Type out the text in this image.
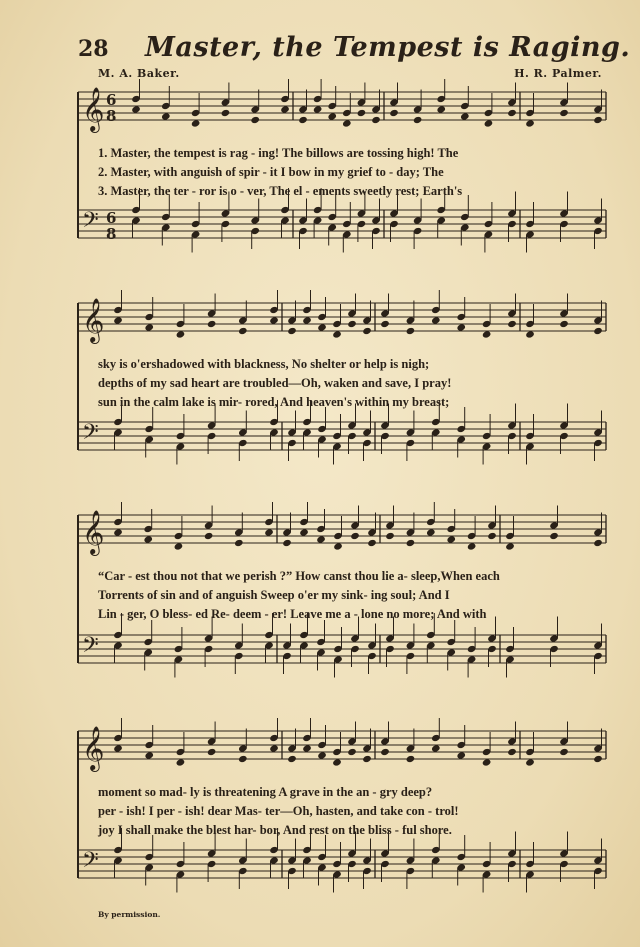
28 Master, the Tempest is Raging.
M. A. Baker.	H. R. Palmer.
𝄞 6
8
𝄢 6
8
𝄞
𝄢
𝄞
𝄢
𝄞
𝄢
1. Master, the tempest is rag - ing! The billows are tossing high! The
2. Master, with anguish of spir - it I bow in my grief to - day; The
3. Master, the ter - ror is o - ver, The el - ements sweetly rest; Earth's
sky is o'ershadowed with blackness, No shelter or help is nigh;
depths of my sad heart are troubled—Oh, waken and save, I pray!
sun in the calm lake is mir- rored, And heaven's within my breast;
“Car - est thou not that we perish ?” How canst thou lie a- sleep,When each
Torrents of sin and of anguish Sweep o'er my sink- ing soul; And I
Lin - ger, O bless- ed Re- deem - er! Leave me a - lone no more; And with
moment so mad- ly is threatening A grave in the an - gry deep?
per - ish! I per - ish! dear Mas- ter—Oh, hasten, and take con - trol!
joy I shall make the blest har- bor, And rest on the bliss - ful shore.
By permission.
